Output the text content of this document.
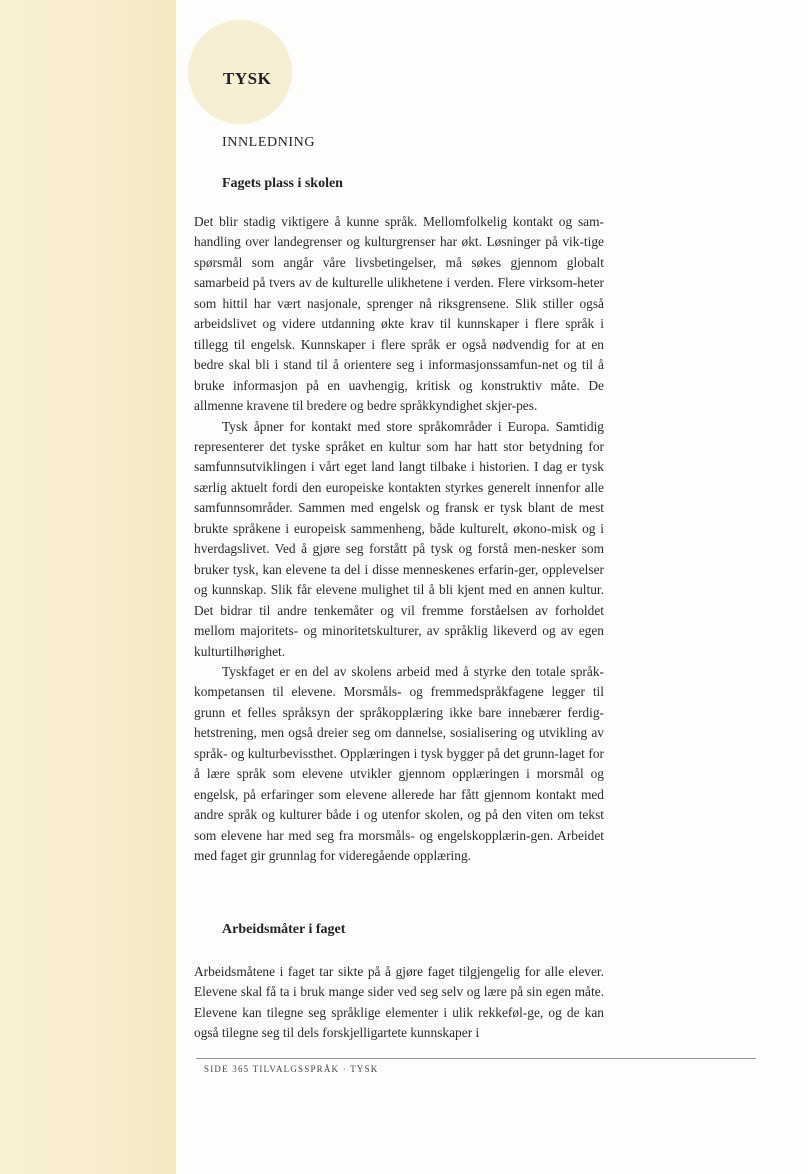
TYSK
INNLEDNING
Fagets plass i skolen

Det blir stadig viktigere å kunne språk. Mellomfolkelig kontakt og sam-handling over landegrenser og kulturgrenser har økt. Løsninger på vik-tige spørsmål som angår våre livsbetingelser, må søkes gjennom globalt samarbeid på tvers av de kulturelle ulikhetene i verden. Flere virksom-heter som hittil har vært nasjonale, sprenger nå riksgrensene. Slik stiller også arbeidslivet og videre utdanning økte krav til kunnskaper i flere språk i tillegg til engelsk. Kunnskaper i flere språk er også nødvendig for at en bedre skal bli i stand til å orientere seg i informasjonssamfun-net og til å bruke informasjon på en uavhengig, kritisk og konstruktiv måte. De allmenne kravene til bredere og bedre språkkyndighet skjer-pes.

Tysk åpner for kontakt med store språkområder i Europa. Samtidig representerer det tyske språket en kultur som har hatt stor betydning for samfunnsutviklingen i vårt eget land langt tilbake i historien. I dag er tysk særlig aktuelt fordi den europeiske kontakten styrkes generelt innenfor alle samfunnsområder. Sammen med engelsk og fransk er tysk blant de mest brukte språkene i europeisk sammenheng, både kulturelt, økono-misk og i hverdagslivet. Ved å gjøre seg forstått på tysk og forstå men-nesker som bruker tysk, kan elevene ta del i disse menneskenes erfarin-ger, opplevelser og kunnskap. Slik får elevene mulighet til å bli kjent med en annen kultur. Det bidrar til andre tenkemåter og vil fremme forståelsen av forholdet mellom majoritets- og minoritetskulturer, av språklig likeverd og av egen kulturtilhørighet.

Tyskfaget er en del av skolens arbeid med å styrke den totale språk-kompetansen til elevene. Morsmåls- og fremmedspråkfagene legger til grunn et felles språksyn der språkopplæring ikke bare innebærer ferdig-hetstrening, men også dreier seg om dannelse, sosialisering og utvikling av språk- og kulturbevissthet. Opplæringen i tysk bygger på det grunn-laget for å lære språk som elevene utvikler gjennom opplæringen i morsmål og engelsk, på erfaringer som elevene allerede har fått gjennom kontakt med andre språk og kulturer både i og utenfor skolen, og på den viten om tekst som elevene har med seg fra morsmåls- og engelskopplærin-gen. Arbeidet med faget gir grunnlag for videregående opplæring.

Arbeidsmåter i faget

Arbeidsmåtene i faget tar sikte på å gjøre faget tilgjengelig for alle elever. Elevene skal få ta i bruk mange sider ved seg selv og lære på sin egen måte. Elevene kan tilegne seg språklige elementer i ulik rekkeføl-ge, og de kan også tilegne seg til dels forskjelligartete kunnskaper i

SIDE 365 TILVALGSSPRÅK · TYSK
